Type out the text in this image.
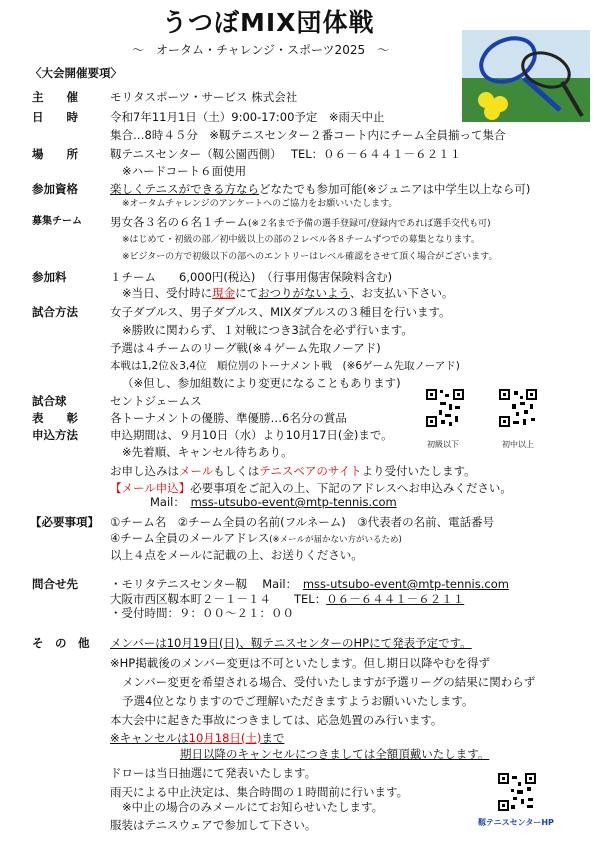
うつぼMIX団体戦
～　オータム・チャレンジ・スポーツ2025　～
〈大会開催要項〉
主　　催	モリタスポーツ・サービス 株式会社
日　　時	令和7年11月1日（土）9:00-17:00予定　※雨天中止
集合…8時４５分　※靱テニスセンター２番コート内にチーム全員揃って集合
場　　所	靱テニスセンター（靱公園西側）　 TEL：０６－６４４１－６２１１
※ハードコート６面使用
参加資格	楽しくテニスができる方ならどなたでも参加可能(※ジュニアは中学生以上なら可)
※オータムチャレンジのアンケートへのご協力をお願いいたします。
募集チーム 男女各３名の６名１チーム(※２名まで予備の選手登録可/登録内であれば選手交代も可)
※はじめて・初級の部／初中級以上の部の２レベル各８チームずつでの募集となります。
※ビジターの方で初級以下の部へのエントリーはレベル確認をさせて頂く場合がございます。
参加料	１チーム　　6,000円(税込)　（行事用傷害保険料含む)
※当日、受付時に現金にておつりがないよう、お支払い下さい。
試合方法	女子ダブルス、男子ダブルス、MIXダブルスの３種目を行います。
※勝敗に関わらず、１対戦につき3試合を必ず行います。
予選は４チームのリーグ戦(※４ゲーム先取ノーアド)
本戦は1,2位＆3,4位　順位別のトーナメント戦　(※6ゲーム先取ノーアド)
（※但し、参加組数により変更になることもあります)
試合球	セントジェームス
表　　彰	各トーナメントの優勝、準優勝…6名分の賞品
申込方法	申込期間は、９月10日（水）より10月17日(金)まで。
※先着順、キャンセル待ちあり。
お申し込みはメールもしくはテニスベアのサイトより受付いたします。
【メール申込】必要事項をご記入の上、下記のアドレスへお申込みください。
Mail：　 mss-utsubo-event@mtp-tennis.com
初級以下	初中以上
【必要事項】 ①チーム名　②チーム全員の名前(フルネーム)　③代表者の名前、電話番号
④チーム全員のメールアドレス(※メールが届かない方がいるため)
以上４点をメールに記載の上、お送りください。
問合せ先	・モリタテニスセンター靱　 Mail：　 mss-utsubo-event@mtp-tennis.com
大阪市西区靱本町２－１－１４　　TEL：０６－６４４１－６２１１
・受付時間：９：００～２１：００
そ　の　他 メンバーは10月19日(日)、靱テニスセンターのHPにて発表予定です。
※HP掲載後のメンバー変更は不可といたします。但し期日以降やむを得ず
メンバー変更を希望される場合、受付いたしますが予選リーグの結果に関わらず
予選4位となりますのでご理解いただきますようお願いいたします。
本大会中に起きた事故につきましては、応急処置のみ行います。
※キャンセルは10月18日(土)まで
期日以降のキャンセルにつきましては全額頂戴いたします。
ドローは当日抽選にて発表いたします。
雨天による中止決定は、集合時間の１時間前に行います。
※中止の場合のみメールにてお知らせいたします。
服装はテニスウェアで参加して下さい。	靱テニスセンターHP
